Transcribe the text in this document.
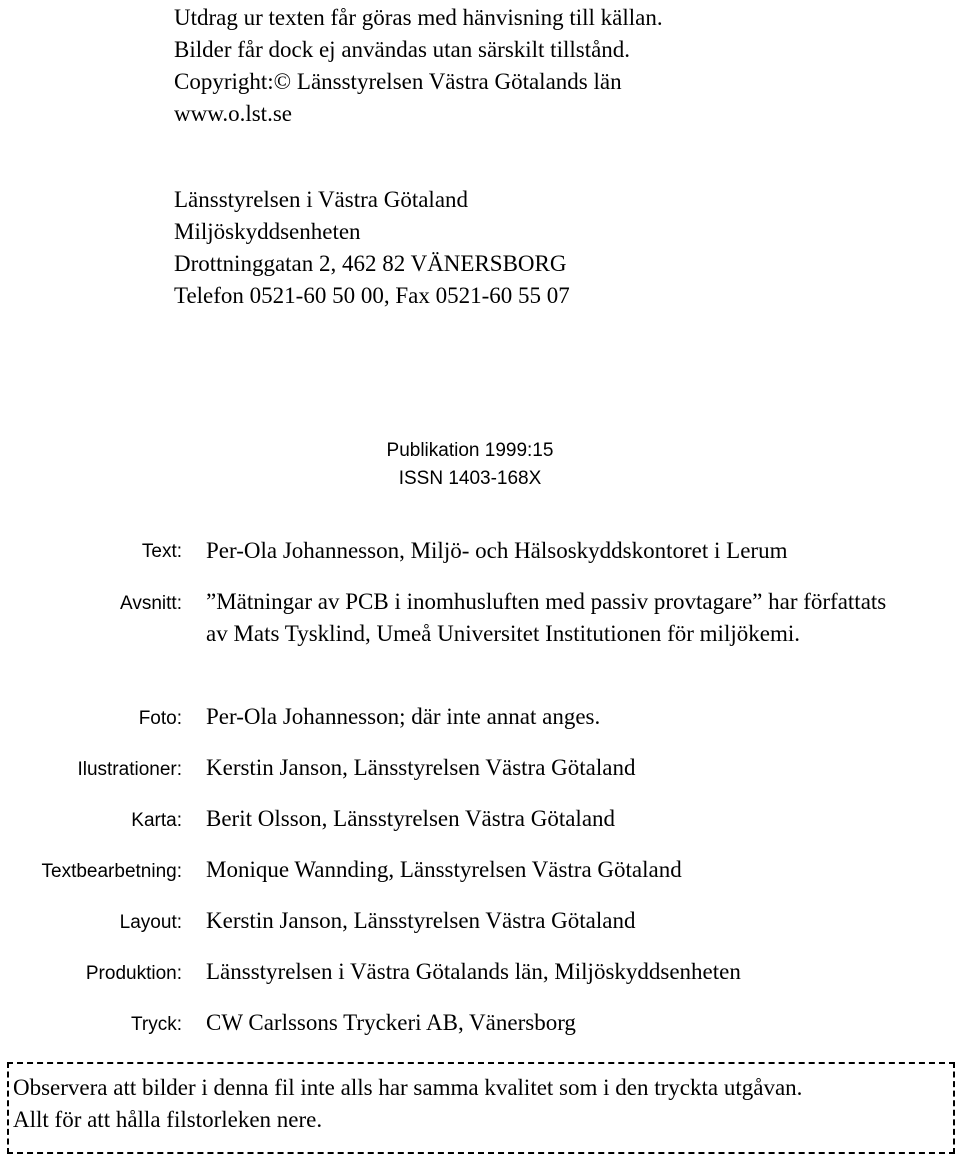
Utdrag ur texten får göras med hänvisning till källan.
Bilder får dock ej användas utan särskilt tillstånd.
Copyright:© Länsstyrelsen Västra Götalands län
www.o.lst.se
Länsstyrelsen i Västra Götaland
Miljöskyddsenheten
Drottninggatan 2, 462 82 VÄNERSBORG
Telefon 0521-60 50 00, Fax 0521-60 55 07
Publikation 1999:15
ISSN 1403-168X
Text: Per-Ola Johannesson, Miljö- och Hälsoskyddskontoret i Lerum
Avsnitt: ”Mätningar av PCB i inomhusluften med passiv provtagare” har författats av Mats Tysklind, Umeå Universitet Institutionen för miljökemi.
Foto: Per-Ola Johannesson; där inte annat anges.
Ilustrationer: Kerstin Janson, Länsstyrelsen Västra Götaland
Karta: Berit Olsson, Länsstyrelsen Västra Götaland
Textbearbetning: Monique Wannding, Länsstyrelsen Västra Götaland
Layout: Kerstin Janson, Länsstyrelsen Västra Götaland
Produktion: Länsstyrelsen i Västra Götalands län, Miljöskyddsenheten
Tryck: CW Carlssons Tryckeri AB, Vänersborg
Observera att bilder i denna fil inte alls har samma kvalitet som i den tryckta utgåvan.
Allt för att hålla filstorleken nere.
